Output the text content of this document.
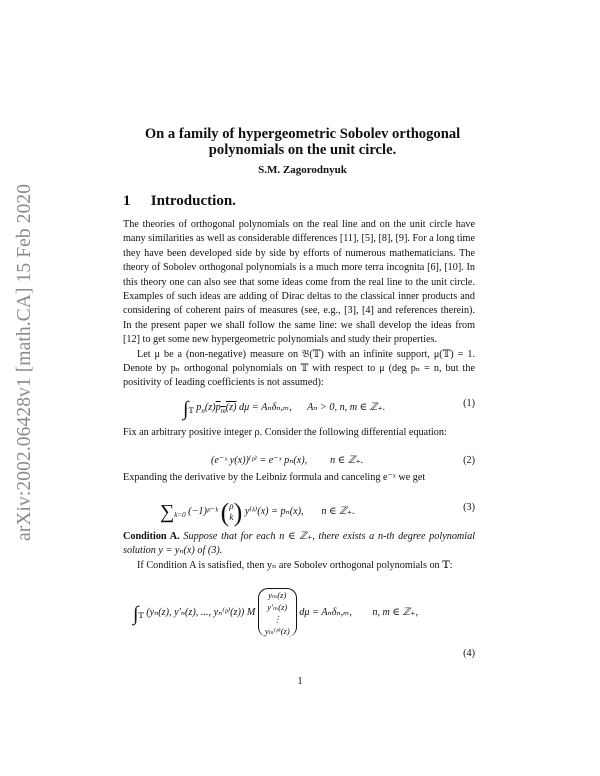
arXiv:2002.06428v1 [math.CA] 15 Feb 2020
On a family of hypergeometric Sobolev orthogonal
polynomials on the unit circle.
S.M. Zagorodnyuk
1 Introduction.

The theories of orthogonal polynomials on the real line and on the unit circle have many similarities as well as considerable differences [11], [5], [8], [9]. For a long time they have been developed side by side by efforts of numerous mathematicians. The theory of Sobolev orthogonal polynomials is a much more terra incognita [6], [10]. In this theory one can also see that some ideas come from the real line to the unit circle. Examples of such ideas are adding of Dirac deltas to the classical inner products and considering of coherent pairs of measures (see, e.g., [3], [4] and references therein). In the present paper we shall follow the same line: we shall develop the ideas from [12] to get some new hypergeometric polynomials and study their properties.

Let μ be a (non-negative) measure on 𝔅(𝕋) with an infinite support, μ(𝕋) = 1. Denote by pₙ orthogonal polynomials on 𝕋 with respect to μ (deg pₙ = n, but the positivity of leading coefficients is not assumed):

$\int_𝕋$ $p_n(z)p_m(z) d\mu = A_n\delta_n,_m$, Aₙ > 0, n, m ∈ ℤ₊.	(1)

Fix an arbitrary positive integer ρ. Consider the following differential equation:

(e⁻ˣ y(x))⁽ᵖ⁾ = e⁻ˣ pₙ(x), n ∈ ℤ₊.	(2)

Expanding the derivative by the Leibniz formula and canceling e⁻ˣ we get

$\sum_{k=0}$ (−1)ᵖ⁻ᵏ (ρ
k) y⁽ᵏ⁾(x) = pₙ(x), n ∈ ℤ₊.	(3)

Condition A. Suppose that for each n ∈ ℤ₊, there exists a n-th degree polynomial solution y = yₙ(x) of (3).

If Condition A is satisfied, then yₙ are Sobolev orthogonal polynomials on 𝕋:

$\int_𝕋$ (yₙ(z), y′ₙ(z), ..., yₙ⁽ᵖ⁾(z)) M
yₘ(z)
y′ₘ(z)
⋮
yₘ⁽ᵖ⁾(z)
dμ = Aₙδₙ,ₘ, n, m ∈ ℤ₊,
(4)
1
